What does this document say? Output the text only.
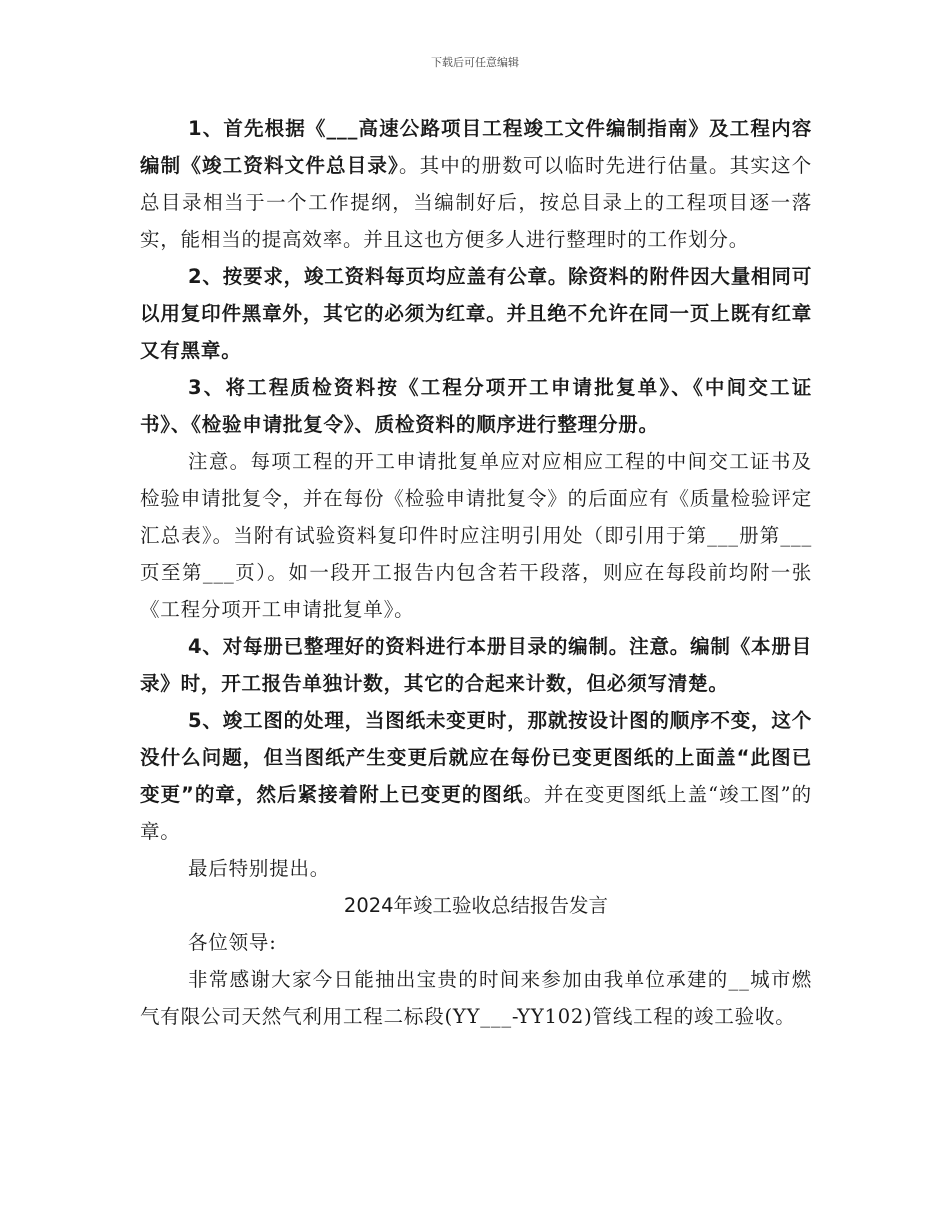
下载后可任意编辑

1、首先根据《___高速公路项目工程竣工文件编制指南》及工程内容编制《竣工资料文件总目录》。其中的册数可以临时先进行估量。其实这个总目录相当于一个工作提纲，当编制好后，按总目录上的工程项目逐一落实，能相当的提高效率。并且这也方便多人进行整理时的工作划分。

2、按要求，竣工资料每页均应盖有公章。除资料的附件因大量相同可以用复印件黑章外，其它的必须为红章。并且绝不允许在同一页上既有红章又有黑章。

3、将工程质检资料按《工程分项开工申请批复单》、《中间交工证书》、《检验申请批复令》、质检资料的顺序进行整理分册。

注意。每项工程的开工申请批复单应对应相应工程的中间交工证书及检验申请批复令，并在每份《检验申请批复令》的后面应有《质量检验评定汇总表》。当附有试验资料复印件时应注明引用处（即引用于第___册第___页至第___页）。如一段开工报告内包含若干段落，则应在每段前均附一张《工程分项开工申请批复单》。

4、对每册已整理好的资料进行本册目录的编制。注意。编制《本册目录》时，开工报告单独计数，其它的合起来计数，但必须写清楚。

5、竣工图的处理，当图纸未变更时，那就按设计图的顺序不变，这个没什么问题，但当图纸产生变更后就应在每份已变更图纸的上面盖“此图已变更”的章，然后紧接着附上已变更的图纸。并在变更图纸上盖“竣工图”的章。

最后特别提出。

2024年竣工验收总结报告发言

各位领导:

非常感谢大家今日能抽出宝贵的时间来参加由我单位承建的__城市燃气有限公司天然气利用工程二标段(YY___-YY102)管线工程的竣工验收。
